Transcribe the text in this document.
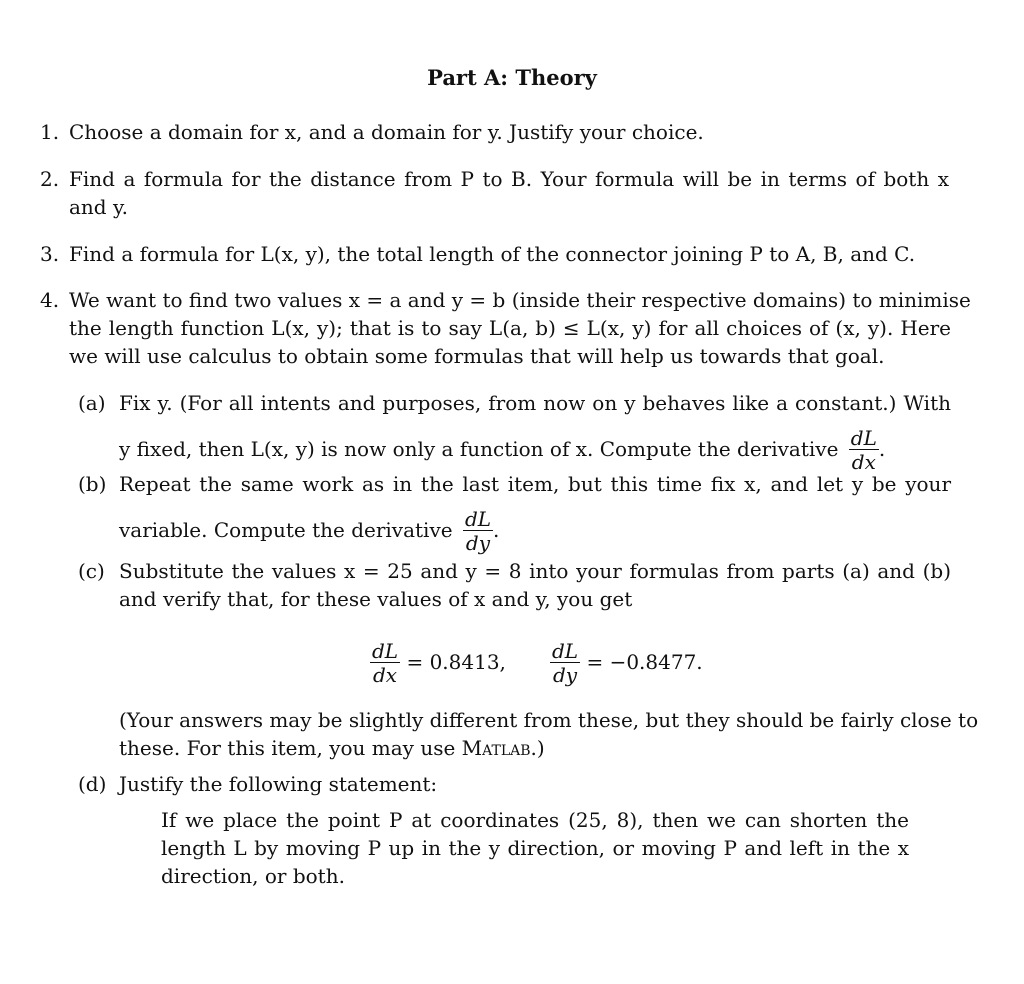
Part A: Theory
1. Choose a domain for x, and a domain for y. Justify your choice.
2. Find a formula for the distance from P to B. Your formula will be in terms of both x
and y.
3. Find a formula for L(x, y), the total length of the connector joining P to A, B, and C.
4. We want to find two values x = a and y = b (inside their respective domains) to minimise
the length function L(x, y); that is to say L(a, b) ≤ L(x, y) for all choices of (x, y). Here
we will use calculus to obtain some formulas that will help us towards that goal.
(a) Fix y. (For all intents and purposes, from now on y behaves like a constant.) With
y fixed, then L(x, y) is now only a function of x. Compute the derivative $\frac{dL}{dx}$ .
(b) Repeat the same work as in the last item, but this time fix x, and let y be your
variable. Compute the derivative $\frac{dL}{dy}$ .
(c) Substitute the values x = 25 and y = 8 into your formulas from parts (a) and (b)
and verify that, for these values of x and y, you get
$\frac{dL}{dx} = 0.8413$, $\frac{dL}{dy} = -0.8477$.
(Your answers may be slightly different from these, but they should be fairly close to
these. For this item, you may use Matlab.)
(d) Justify the following statement:
If we place the point P at coordinates (25, 8), then we can shorten the
length L by moving P up in the y direction, or moving P and left in the x
direction, or both.
